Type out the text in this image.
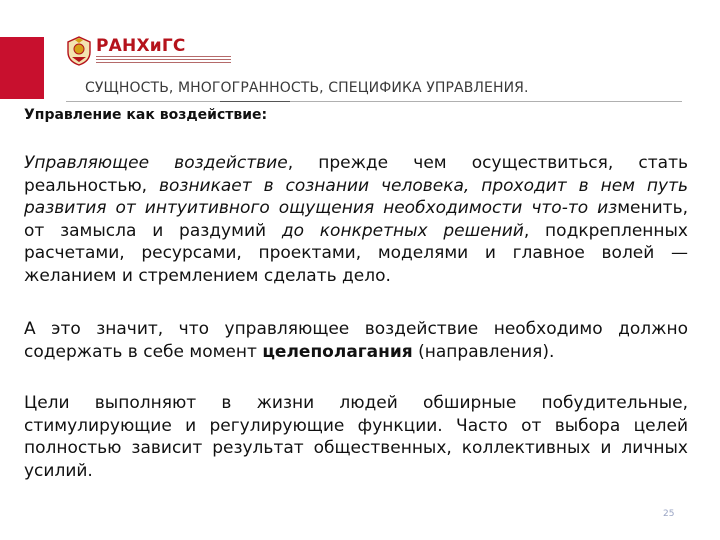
РАНХиГС
СУЩНОСТЬ, МНОГОГРАННОСТЬ, СПЕЦИФИКА УПРАВЛЕНИЯ.
Управление как воздействие:
Управляющее воздействие, прежде чем осуществиться, стать реальностью, возникает в сознании человека, проходит в нем путь развития от интуитивного ощущения необходимости что-то изменить, от замысла и раздумий до конкретных решений, подкрепленных расчетами, ресурсами, проектами, моделями и главное волей — желанием и стремлением сделать дело.
А это значит, что управляющее воздействие необходимо должно содержать в себе момент целеполагания (направления).
Цели выполняют в жизни людей обширные побудительные, стимулирующие и регулирующие функции. Часто от выбора целей полностью зависит результат общественных, коллективных и личных усилий.
25
